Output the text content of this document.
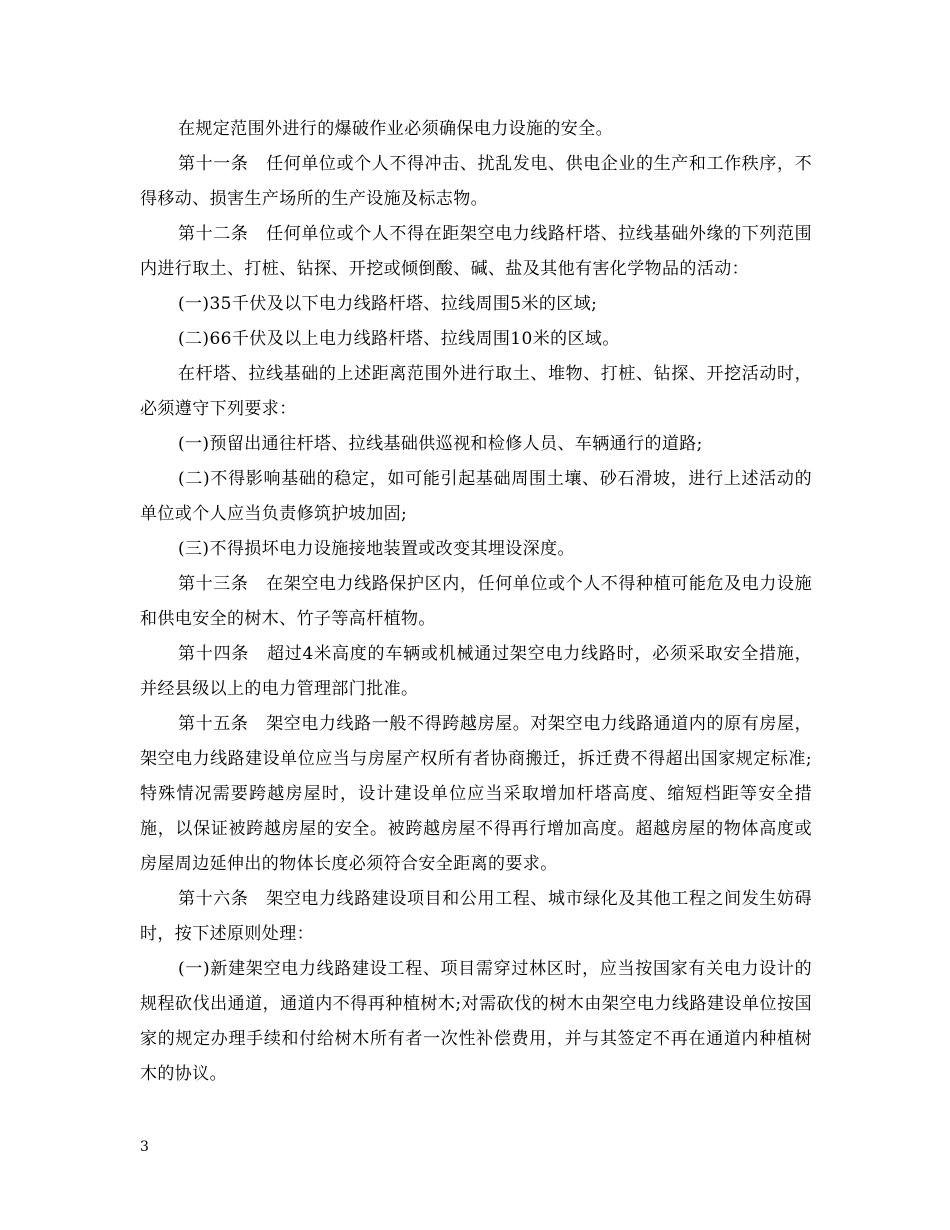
在规定范围外进行的爆破作业必须确保电力设施的安全。

第十一条　任何单位或个人不得冲击、扰乱发电、供电企业的生产和工作秩序，不得移动、损害生产场所的生产设施及标志物。

第十二条　任何单位或个人不得在距架空电力线路杆塔、拉线基础外缘的下列范围内进行取土、打桩、钻探、开挖或倾倒酸、碱、盐及其他有害化学物品的活动：

(一)35千伏及以下电力线路杆塔、拉线周围5米的区域;

(二)66千伏及以上电力线路杆塔、拉线周围10米的区域。

在杆塔、拉线基础的上述距离范围外进行取土、堆物、打桩、钻探、开挖活动时，必须遵守下列要求：

(一)预留出通往杆塔、拉线基础供巡视和检修人员、车辆通行的道路;

(二)不得影响基础的稳定，如可能引起基础周围土壤、砂石滑坡，进行上述活动的单位或个人应当负责修筑护坡加固;

(三)不得损坏电力设施接地装置或改变其埋设深度。

第十三条　在架空电力线路保护区内，任何单位或个人不得种植可能危及电力设施和供电安全的树木、竹子等高杆植物。

第十四条　超过4米高度的车辆或机械通过架空电力线路时，必须采取安全措施，并经县级以上的电力管理部门批准。

第十五条　架空电力线路一般不得跨越房屋。对架空电力线路通道内的原有房屋，架空电力线路建设单位应当与房屋产权所有者协商搬迁，拆迁费不得超出国家规定标准;特殊情况需要跨越房屋时，设计建设单位应当采取增加杆塔高度、缩短档距等安全措施，以保证被跨越房屋的安全。被跨越房屋不得再行增加高度。超越房屋的物体高度或房屋周边延伸出的物体长度必须符合安全距离的要求。

第十六条　架空电力线路建设项目和公用工程、城市绿化及其他工程之间发生妨碍时，按下述原则处理：

(一)新建架空电力线路建设工程、项目需穿过林区时，应当按国家有关电力设计的规程砍伐出通道，通道内不得再种植树木;对需砍伐的树木由架空电力线路建设单位按国家的规定办理手续和付给树木所有者一次性补偿费用，并与其签定不再在通道内种植树木的协议。

3
